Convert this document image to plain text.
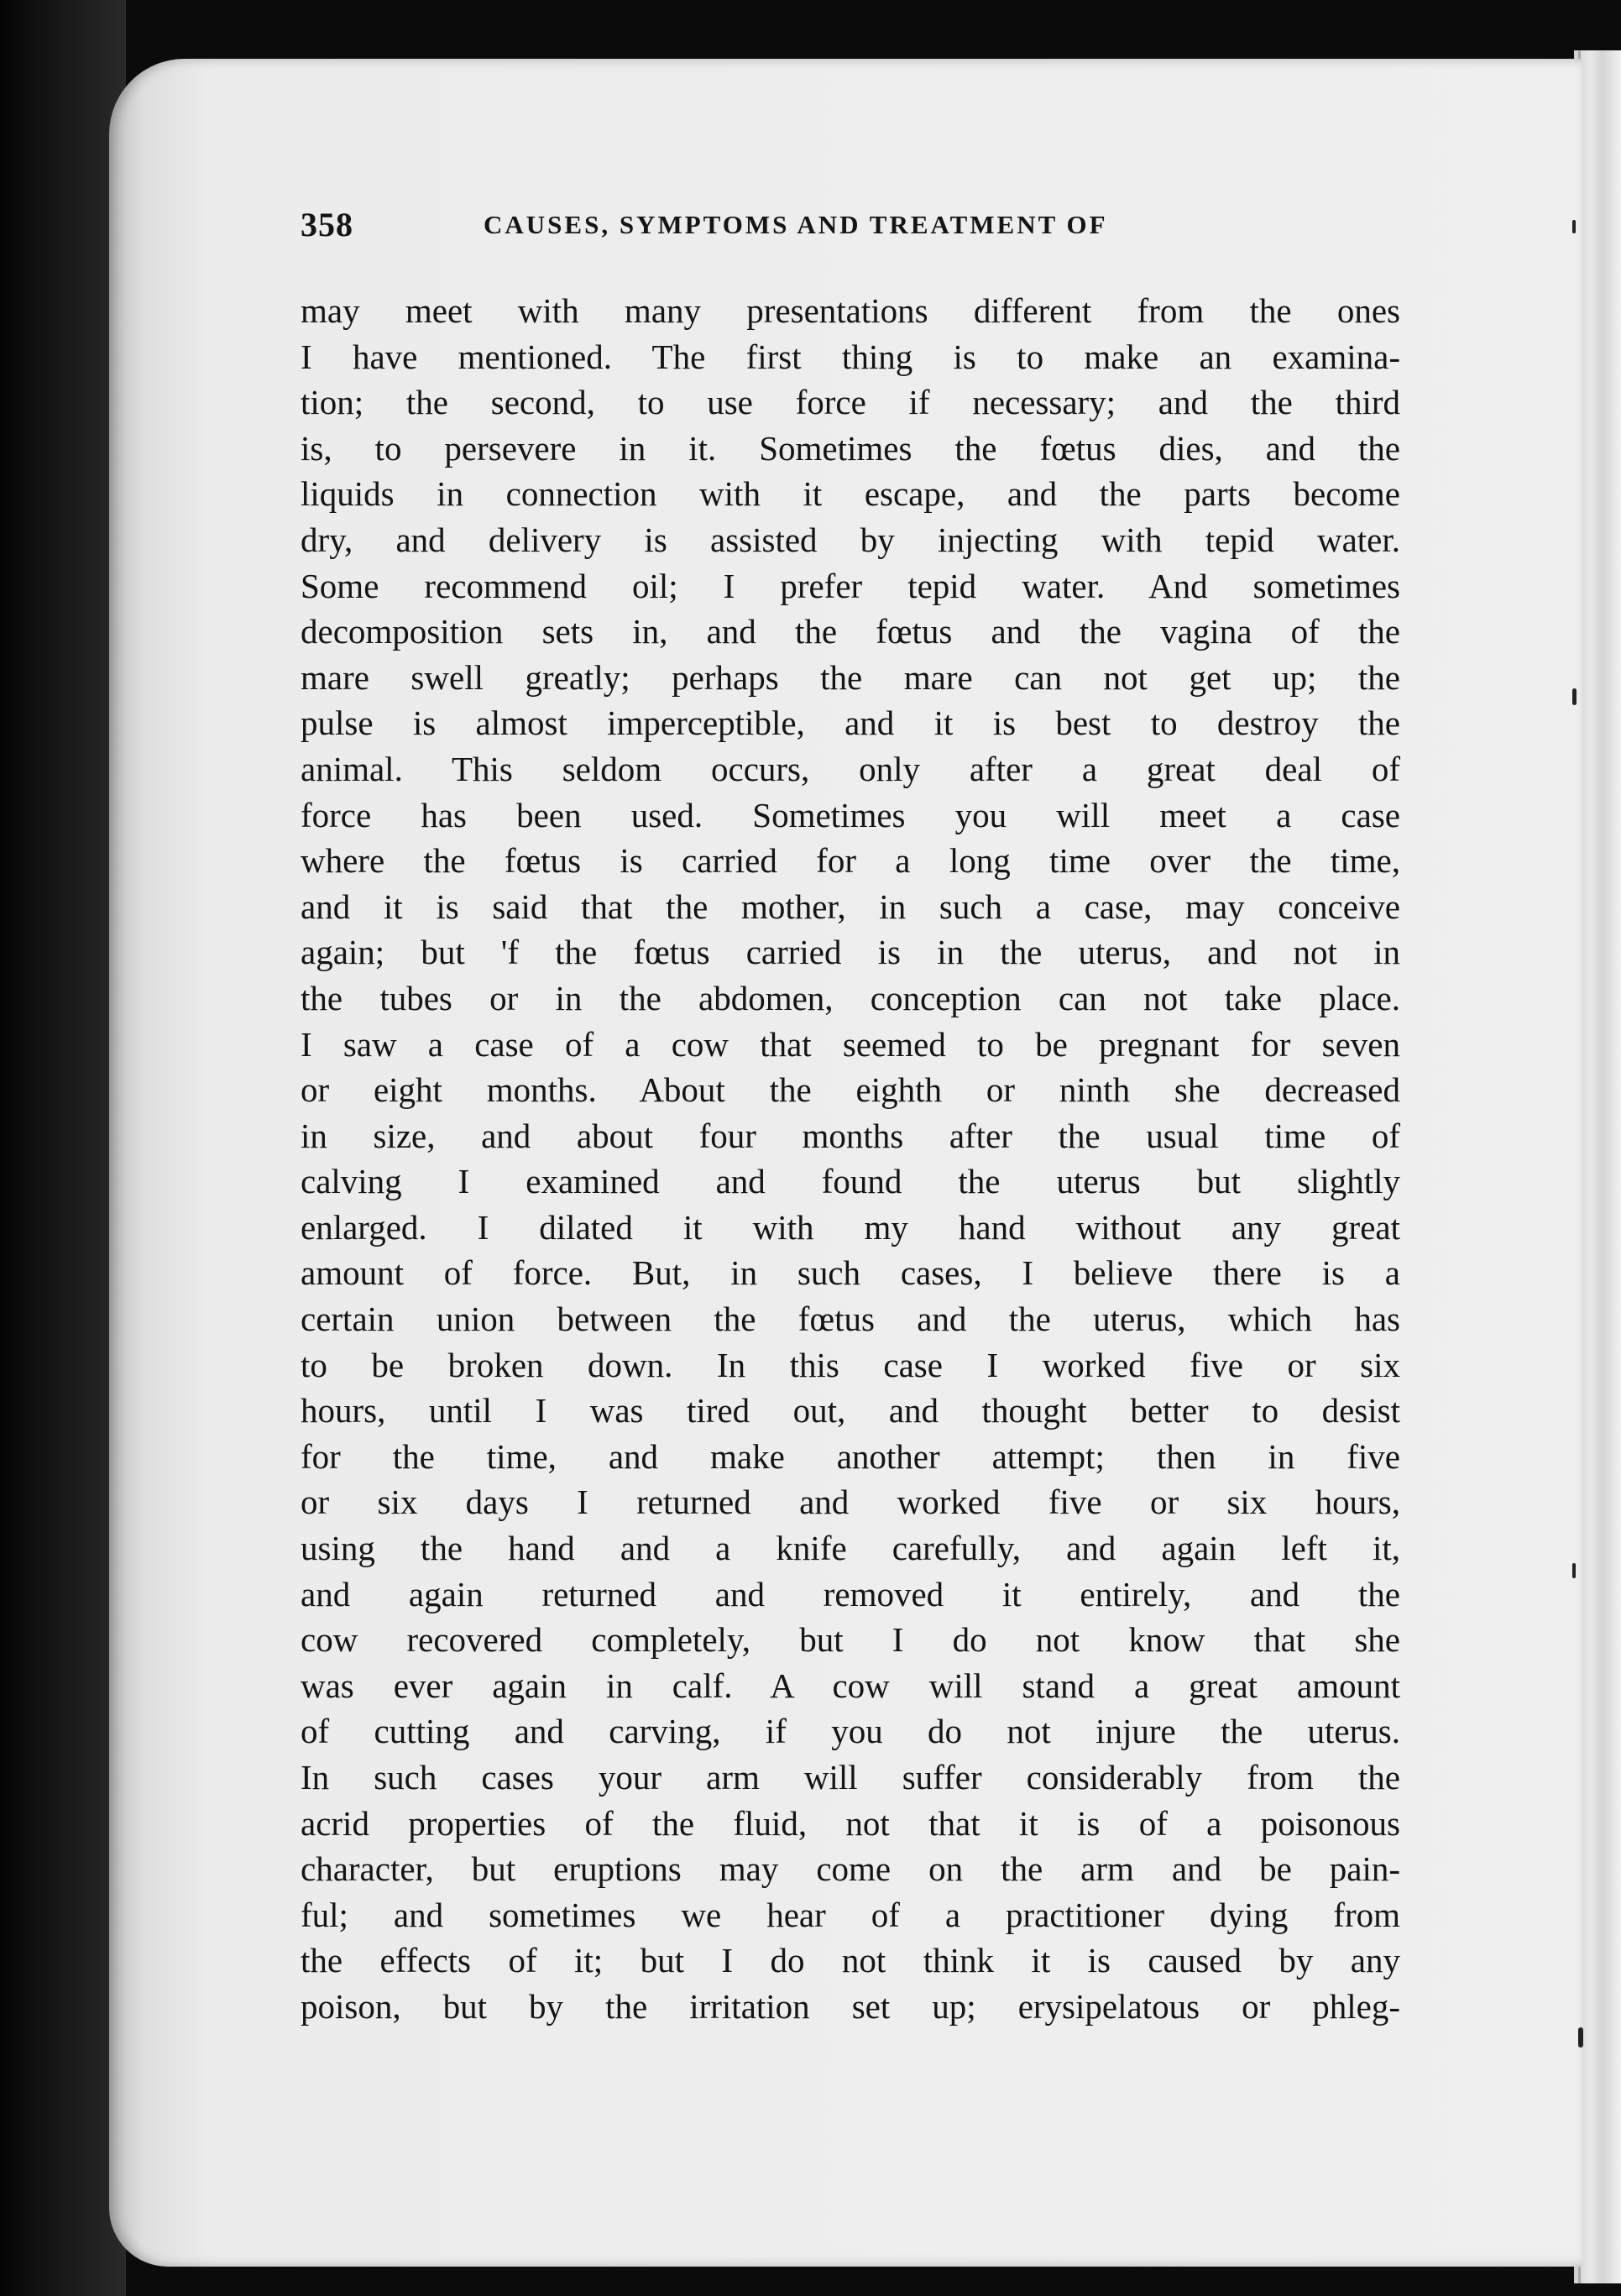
358	CAUSES, SYMPTOMS AND TREATMENT OF
may meet with many presentations different from the ones
I have mentioned. The first thing is to make an examina-
tion; the second, to use force if necessary; and the third
is, to persevere in it. Sometimes the fœtus dies, and the
liquids in connection with it escape, and the parts become
dry, and delivery is assisted by injecting with tepid water.
Some recommend oil; I prefer tepid water. And sometimes
decomposition sets in, and the fœtus and the vagina of the
mare swell greatly; perhaps the mare can not get up; the
pulse is almost imperceptible, and it is best to destroy the
animal. This seldom occurs, only after a great deal of
force has been used. Sometimes you will meet a case
where the fœtus is carried for a long time over the time,
and it is said that the mother, in such a case, may conceive
again; but 'f the fœtus carried is in the uterus, and not in
the tubes or in the abdomen, conception can not take place.
I saw a case of a cow that seemed to be pregnant for seven
or eight months. About the eighth or ninth she decreased
in size, and about four months after the usual time of
calving I examined and found the uterus but slightly
enlarged. I dilated it with my hand without any great
amount of force. But, in such cases, I believe there is a
certain union between the fœtus and the uterus, which has
to be broken down. In this case I worked five or six
hours, until I was tired out, and thought better to desist
for the time, and make another attempt; then in five
or six days I returned and worked five or six hours,
using the hand and a knife carefully, and again left it,
and again returned and removed it entirely, and the
cow recovered completely, but I do not know that she
was ever again in calf. A cow will stand a great amount
of cutting and carving, if you do not injure the uterus.
In such cases your arm will suffer considerably from the
acrid properties of the fluid, not that it is of a poisonous
character, but eruptions may come on the arm and be pain-
ful; and sometimes we hear of a practitioner dying from
the effects of it; but I do not think it is caused by any
poison, but by the irritation set up; erysipelatous or phleg-
